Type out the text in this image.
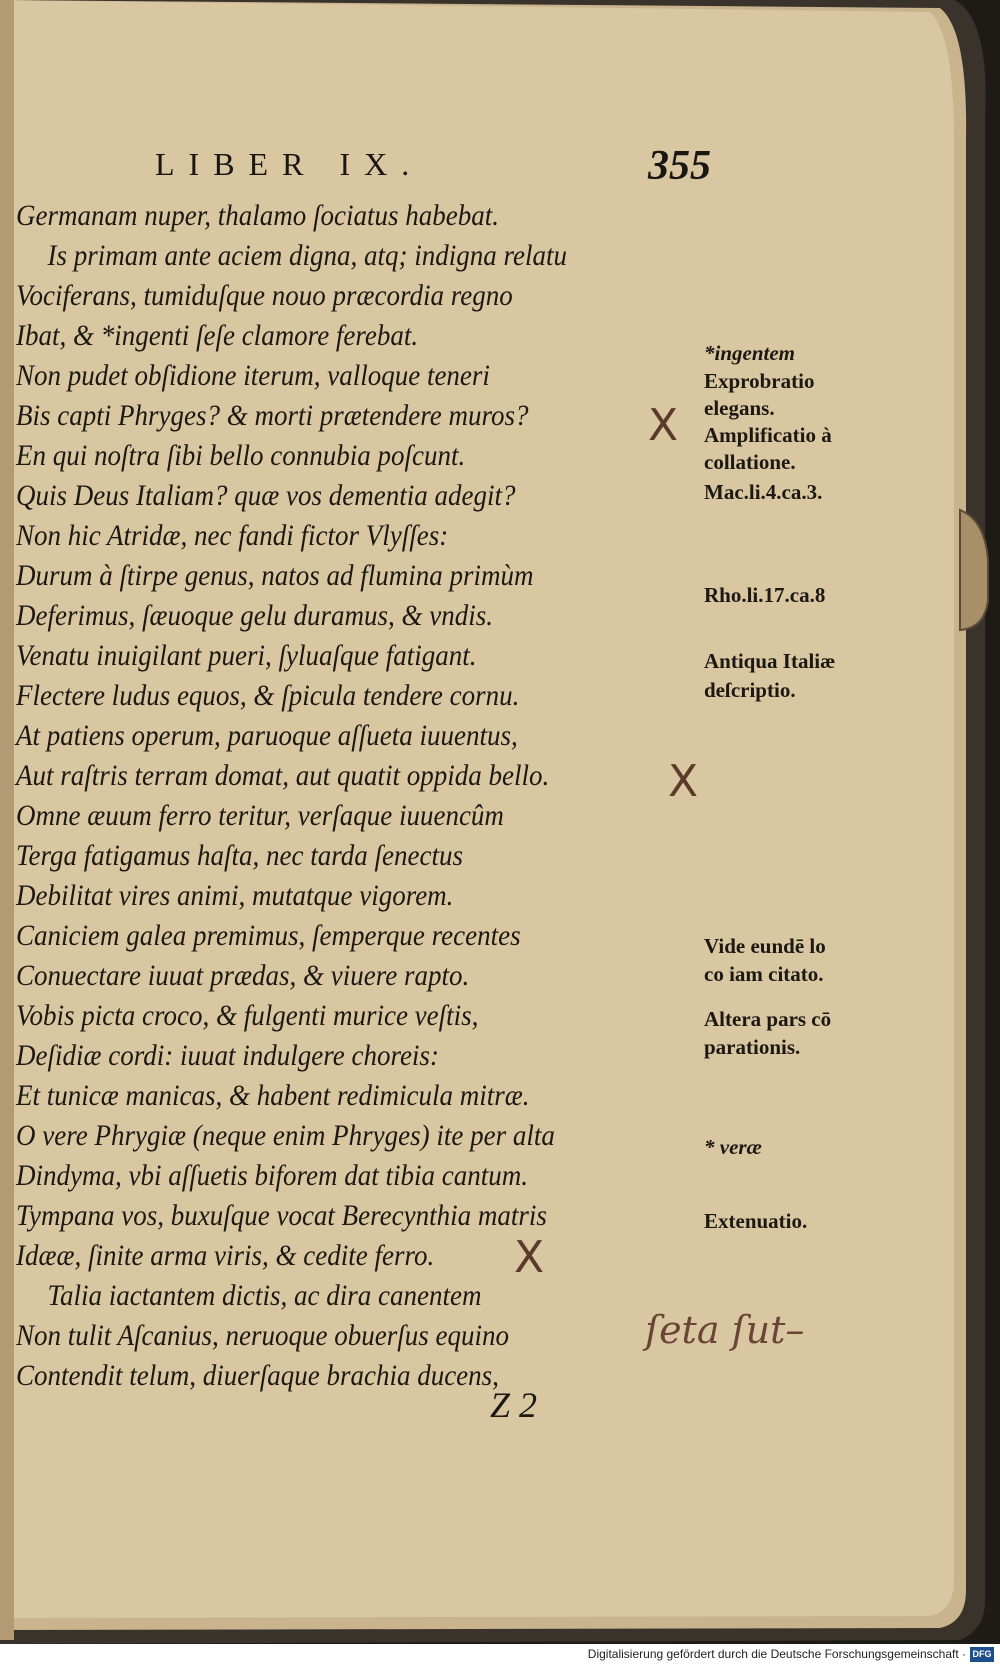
LIBER IX.	355
Germanam nuper, thalamo ſociatus habebat.
Is primam ante aciem digna, atq; indigna relatu
Vociferans, tumiduſque nouo præcordia regno
Ibat, & *ingenti ſeſe clamore ferebat.
Non pudet obſidione iterum, valloque teneri
Bis capti Phryges? & morti prætendere muros?
En qui noſtra ſibi bello connubia poſcunt.
Quis Deus Italiam? quæ vos dementia adegit?
Non hic Atridæ, nec fandi fictor Vlyſſes:
Durum à ſtirpe genus, natos ad flumina primùm
Deferimus, ſæuoque gelu duramus, & vndis.
Venatu inuigilant pueri, ſyluaſque fatigant.
Flectere ludus equos, & ſpicula tendere cornu.
At patiens operum, paruoque aſſueta iuuentus,
Aut raſtris terram domat, aut quatit oppida bello.
Omne æuum ferro teritur, verſaque iuuencûm
Terga fatigamus haſta, nec tarda ſenectus
Debilitat vires animi, mutatque vigorem.
Caniciem galea premimus, ſemperque recentes
Conuectare iuuat prædas, & viuere rapto.
Vobis picta croco, & fulgenti murice veſtis,
Deſidiæ cordi: iuuat indulgere choreis:
Et tunicæ manicas, & habent redimicula mitræ.
O vere Phrygiæ (neque enim Phryges) ite per alta
Dindyma, vbi aſſuetis biforem dat tibia cantum.
Tympana vos, buxuſque vocat Berecynthia matris
Idææ, ſinite arma viris, & cedite ferro.
Talia iactantem dictis, ac dira canentem
Non tulit Aſcanius, neruoque obuerſus equino
Contendit telum, diuerſaque brachia ducens,
*ingentem
Exprobratio
elegans.
Amplificatio à
collatione.
Mac.li.4.ca.3.
Rho.li.17.ca.8
Antiqua Italiæ
deſcriptio.
Vide eundē lo
co iam citato.
Altera pars cō
parationis.
* veræ
Extenuatio.
X
X
X
ſeta ſut–
Z 2
Digitalisierung gefördert durch die Deutsche Forschungsgemeinschaft · DFG
